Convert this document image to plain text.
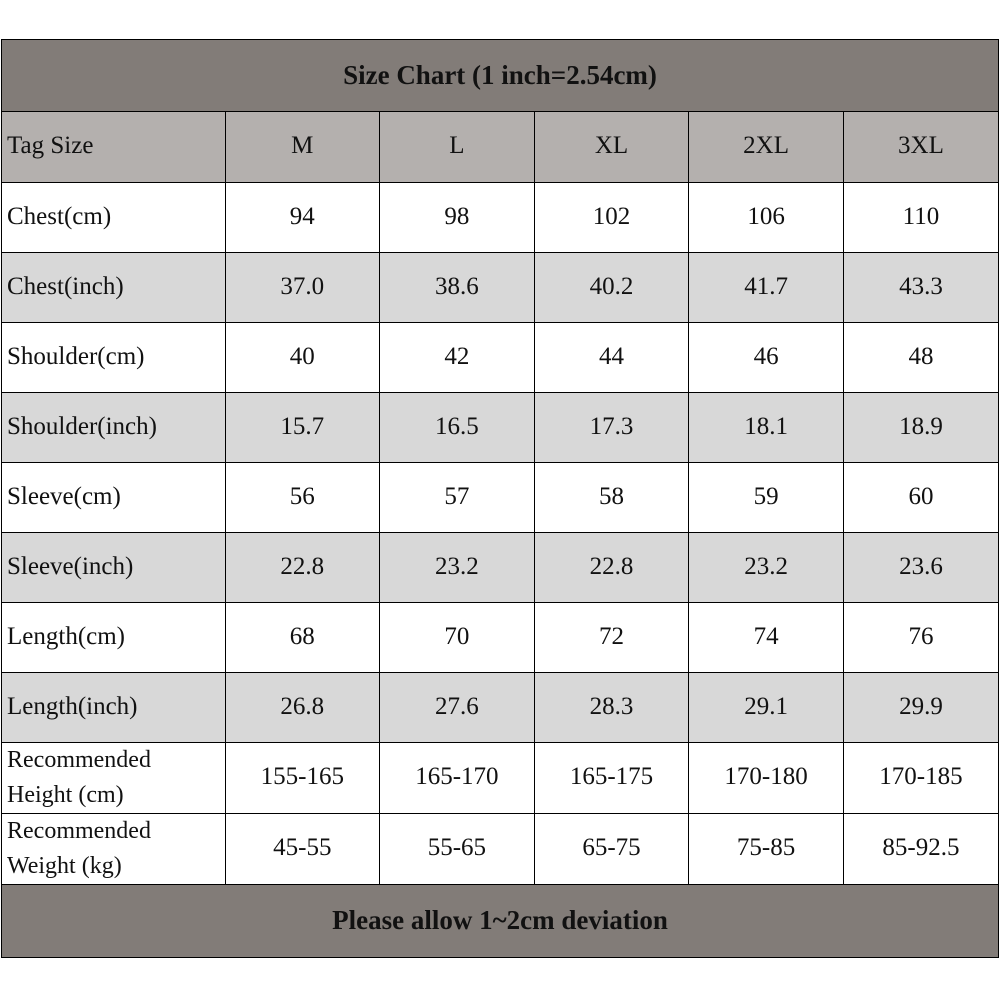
Size Chart (1 inch=2.54cm)
Tag Size	M	L	XL	2XL	3XL
Chest(cm)	94	98	102	106	110
Chest(inch)	37.0	38.6	40.2	41.7	43.3
Shoulder(cm)	40	42	44	46	48
Shoulder(inch)	15.7	16.5	17.3	18.1	18.9
Sleeve(cm)	56	57	58	59	60
Sleeve(inch)	22.8	23.2	22.8	23.2	23.6
Length(cm)	68	70	72	74	76
Length(inch)	26.8	27.6	28.3	29.1	29.9
Recommended
Height (cm)	155-165	165-170	165-175	170-180	170-185
Recommended
Weight (kg)	45-55	55-65	65-75	75-85	85-92.5
Please allow 1~2cm deviation
